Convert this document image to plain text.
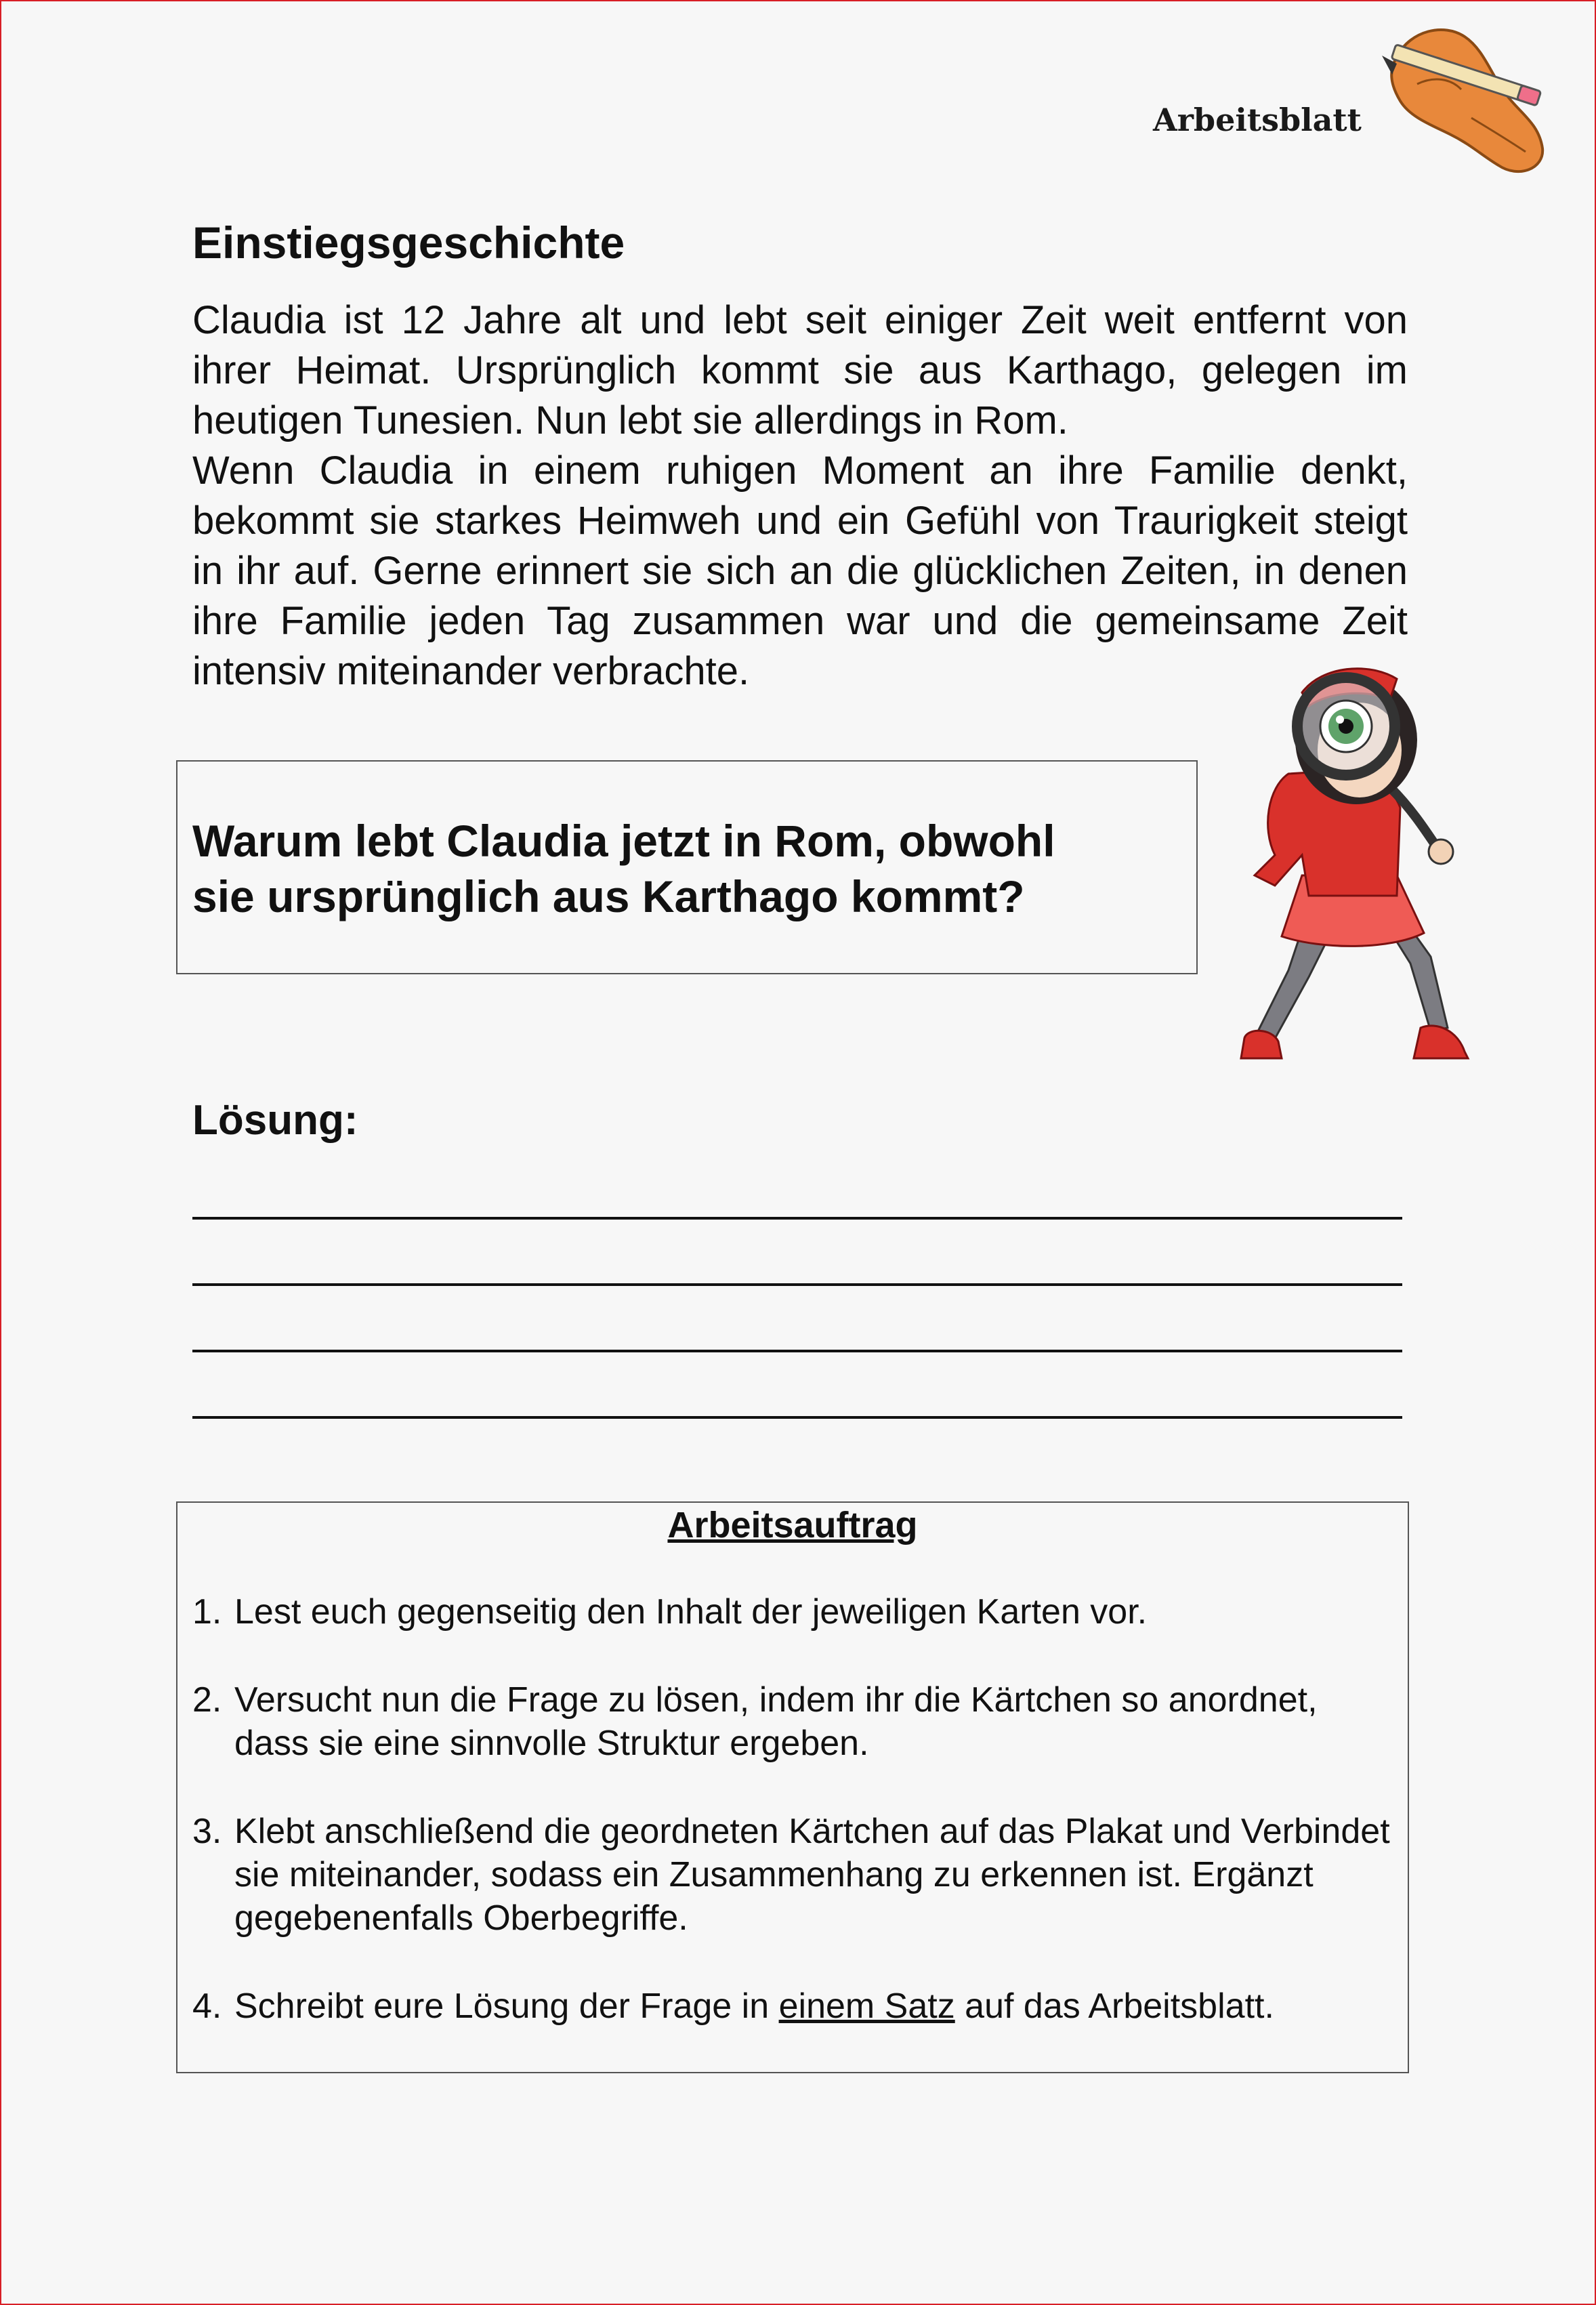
Arbeitsblatt
Einstiegsgeschichte

Claudia ist 12 Jahre alt und lebt seit einiger Zeit weit entfernt von ihrer Heimat. Ursprünglich kommt sie aus Karthago, gelegen im heutigen Tunesien. Nun lebt sie allerdings in Rom.

Wenn Claudia in einem ruhigen Moment an ihre Familie denkt, bekommt sie starkes Heimweh und ein Gefühl von Traurigkeit steigt in ihr auf. Gerne erinnert sie sich an die glücklichen Zeiten, in denen ihre Familie jeden Tag zusammen war und die gemeinsame Zeit intensiv miteinander verbrachte.

Warum lebt Claudia jetzt in Rom, obwohl
sie ursprünglich aus Karthago kommt?

Lösung:
Arbeitsauftrag
1. Lest euch gegenseitig den Inhalt der jeweiligen Karten vor.
2. Versucht nun die Frage zu lösen, indem ihr die Kärtchen so anordnet, dass sie eine sinnvolle Struktur ergeben.
3. Klebt anschließend die geordneten Kärtchen auf das Plakat und Verbindet sie miteinander, sodass ein Zusammenhang zu erkennen ist. Ergänzt gegebenenfalls Oberbegriffe.
4. Schreibt eure Lösung der Frage in einem Satz auf das Arbeitsblatt.
